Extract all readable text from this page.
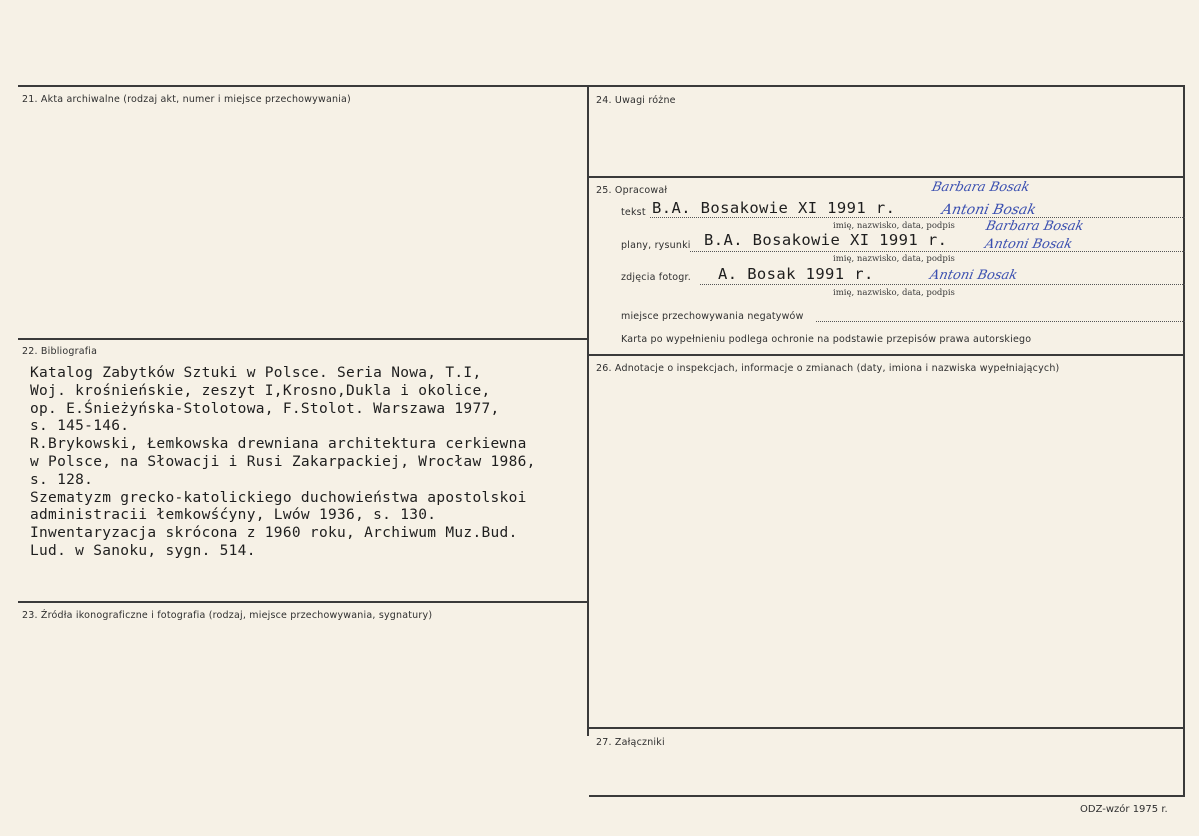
21. Akta archiwalne (rodzaj akt, numer i miejsce przechowywania)
22. Bibliografia
Katalog Zabytków Sztuki w Polsce. Seria Nowa, T.I,
Woj. krośnieńskie, zeszyt I,Krosno,Dukla i okolice,
op. E.Śnieżyńska-Stolotowa, F.Stolot. Warszawa 1977,
s. 145-146.
R.Brykowski, Łemkowska drewniana architektura cerkiewna
w Polsce, na Słowacji i Rusi Zakarpackiej, Wrocław 1986,
s. 128.
Szematyzm grecko-katolickiego duchowieństwa apostolskoi
administracii łemkowśćyny, Lwów 1936, s. 130.
Inwentaryzacja skrócona z 1960 roku, Archiwum Muz.Bud.
Lud. w Sanoku, sygn. 514.
23. Źródła ikonograficzne i fotografia (rodzaj, miejsce przechowywania, sygnatury)
24. Uwagi różne
25. Opracował
tekst B.A. Bosakowie XI 1991 r.
Barbara Bosak
Antoni Bosak
imię, nazwisko, data, podpis
plany, rysunki B.A. Bosakowie XI 1991 r.
Barbara Bosak
Antoni Bosak
imię, nazwisko, data, podpis
zdjęcia fotogr. A. Bosak 1991 r.	Antoni Bosak
imię, nazwisko, data, podpis
miejsce przechowywania negatywów
Karta po wypełnieniu podlega ochronie na podstawie przepisów prawa autorskiego
26. Adnotacje o inspekcjach, informacje o zmianach (daty, imiona i nazwiska wypełniających)
27. Załączniki
ODZ-wzór 1975 r.
